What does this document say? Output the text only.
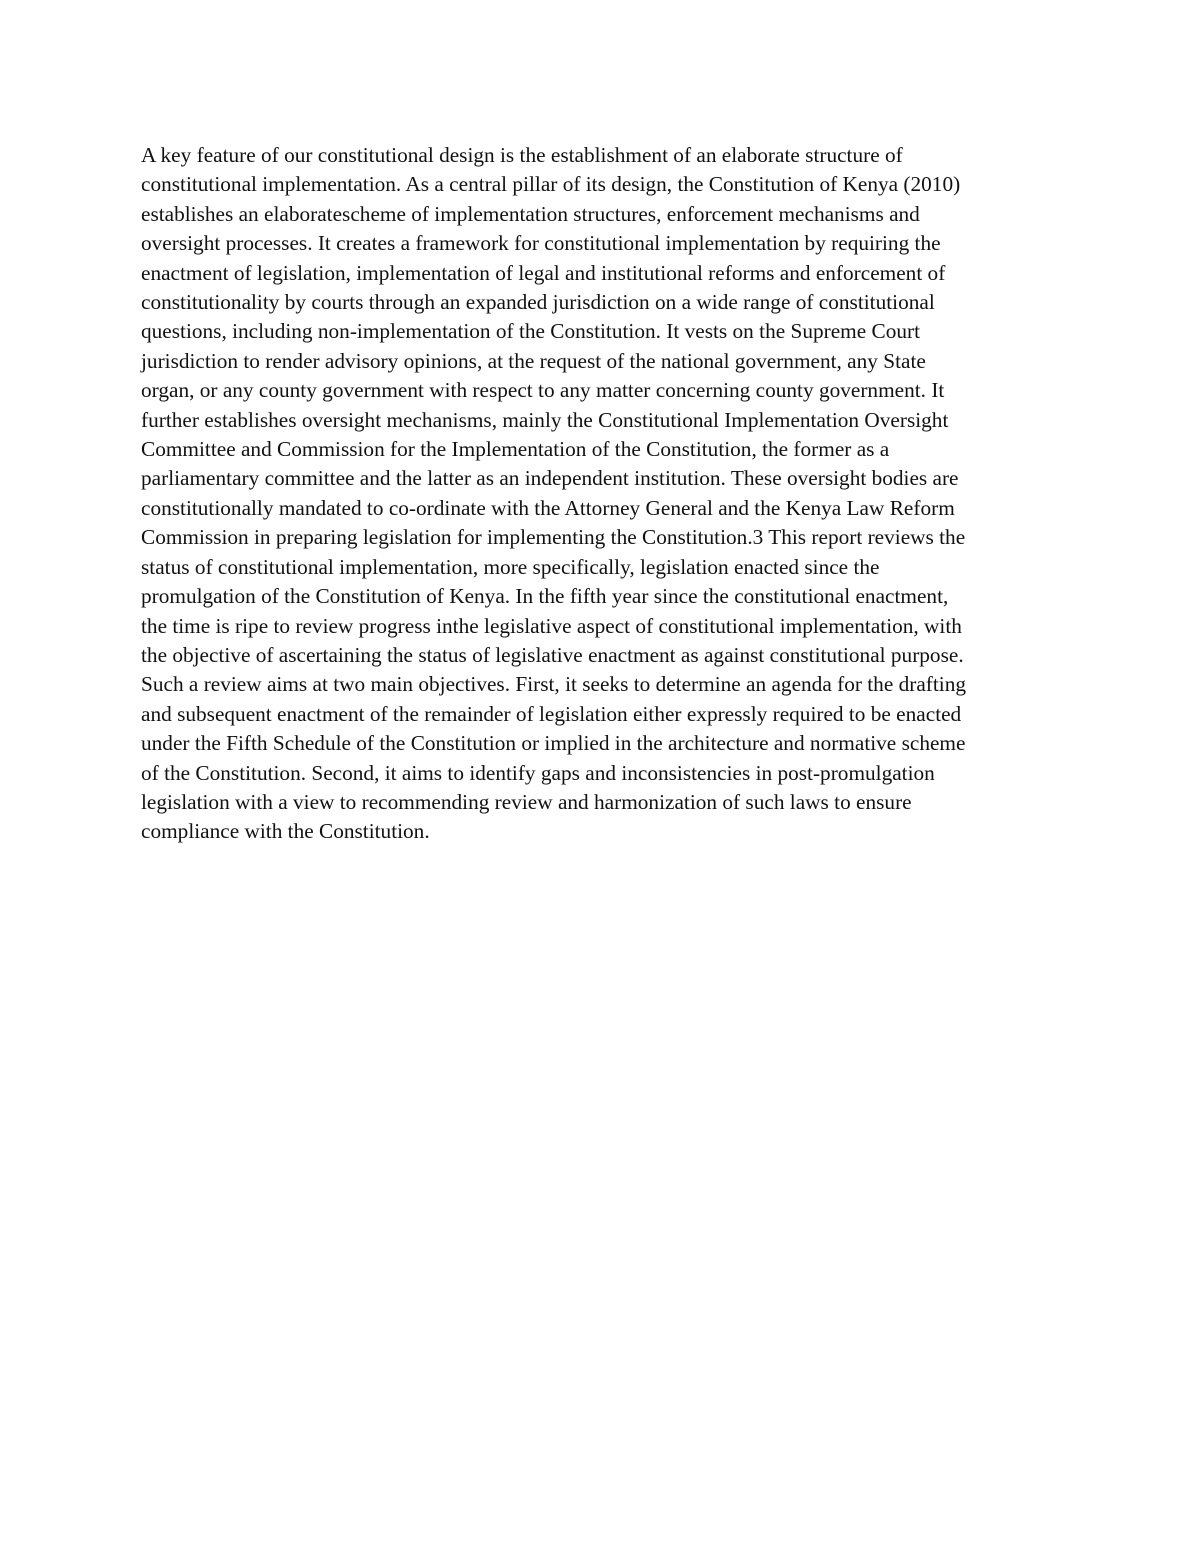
A key feature of our constitutional design is the establishment of an elaborate structure of
constitutional implementation. As a central pillar of its design, the Constitution of Kenya (2010)
establishes an elaboratescheme of implementation structures, enforcement mechanisms and
oversight processes. It creates a framework for constitutional implementation by requiring the
enactment of legislation, implementation of legal and institutional reforms and enforcement of
constitutionality by courts through an expanded jurisdiction on a wide range of constitutional
questions, including non-implementation of the Constitution. It vests on the Supreme Court
jurisdiction to render advisory opinions, at the request of the national government, any State
organ, or any county government with respect to any matter concerning county government. It
further establishes oversight mechanisms, mainly the Constitutional Implementation Oversight
Committee and Commission for the Implementation of the Constitution, the former as a
parliamentary committee and the latter as an independent institution. These oversight bodies are
constitutionally mandated to co-ordinate with the Attorney General and the Kenya Law Reform
Commission in preparing legislation for implementing the Constitution.3 This report reviews the
status of constitutional implementation, more specifically, legislation enacted since the
promulgation of the Constitution of Kenya. In the fifth year since the constitutional enactment,
the time is ripe to review progress inthe legislative aspect of constitutional implementation, with
the objective of ascertaining the status of legislative enactment as against constitutional purpose.
Such a review aims at two main objectives. First, it seeks to determine an agenda for the drafting
and subsequent enactment of the remainder of legislation either expressly required to be enacted
under the Fifth Schedule of the Constitution or implied in the architecture and normative scheme
of the Constitution. Second, it aims to identify gaps and inconsistencies in post-promulgation
legislation with a view to recommending review and harmonization of such laws to ensure
compliance with the Constitution.
